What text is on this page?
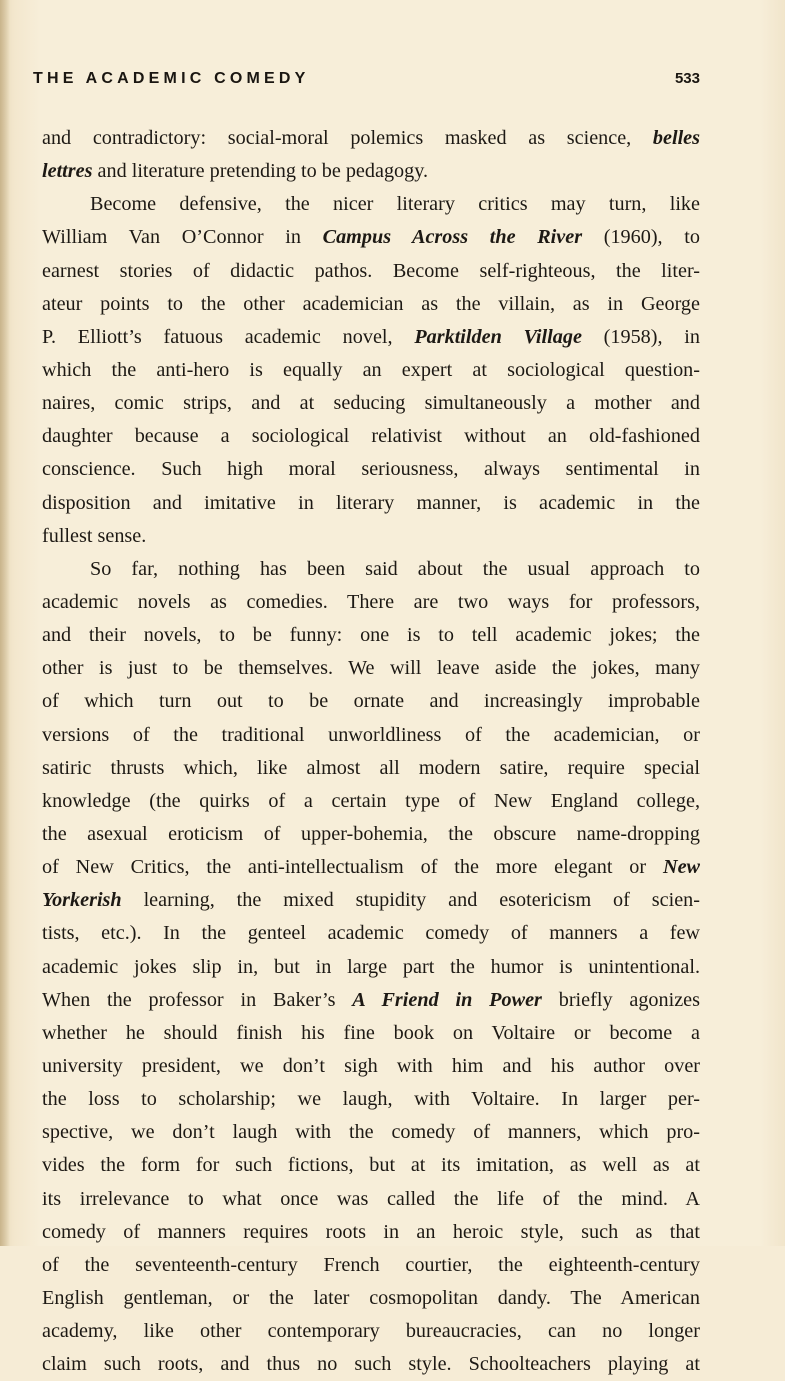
THE ACADEMIC COMEDY	533
and contradictory: social-moral polemics masked as science, belles
lettres and literature pretending to be pedagogy.
Become defensive, the nicer literary critics may turn, like
William Van O’Connor in Campus Across the River (1960), to
earnest stories of didactic pathos. Become self-righteous, the liter-
ateur points to the other academician as the villain, as in George
P. Elliott’s fatuous academic novel, Parktilden Village (1958), in
which the anti-hero is equally an expert at sociological question-
naires, comic strips, and at seducing simultaneously a mother and
daughter because a sociological relativist without an old-fashioned
conscience. Such high moral seriousness, always sentimental in
disposition and imitative in literary manner, is academic in the
fullest sense.
So far, nothing has been said about the usual approach to
academic novels as comedies. There are two ways for professors,
and their novels, to be funny: one is to tell academic jokes; the
other is just to be themselves. We will leave aside the jokes, many
of which turn out to be ornate and increasingly improbable
versions of the traditional unworldliness of the academician, or
satiric thrusts which, like almost all modern satire, require special
knowledge (the quirks of a certain type of New England college,
the asexual eroticism of upper-bohemia, the obscure name-dropping
of New Critics, the anti-intellectualism of the more elegant or New
Yorkerish learning, the mixed stupidity and esotericism of scien-
tists, etc.). In the genteel academic comedy of manners a few
academic jokes slip in, but in large part the humor is unintentional.
When the professor in Baker’s A Friend in Power briefly agonizes
whether he should finish his fine book on Voltaire or become a
university president, we don’t sigh with him and his author over
the loss to scholarship; we laugh, with Voltaire. In larger per-
spective, we don’t laugh with the comedy of manners, which pro-
vides the form for such fictions, but at its imitation, as well as at
its irrelevance to what once was called the life of the mind. A
comedy of manners requires roots in an heroic style, such as that
of the seventeenth-century French courtier, the eighteenth-century
English gentleman, or the later cosmopolitan dandy. The American
academy, like other contemporary bureaucracies, can no longer
claim such roots, and thus no such style. Schoolteachers playing at
